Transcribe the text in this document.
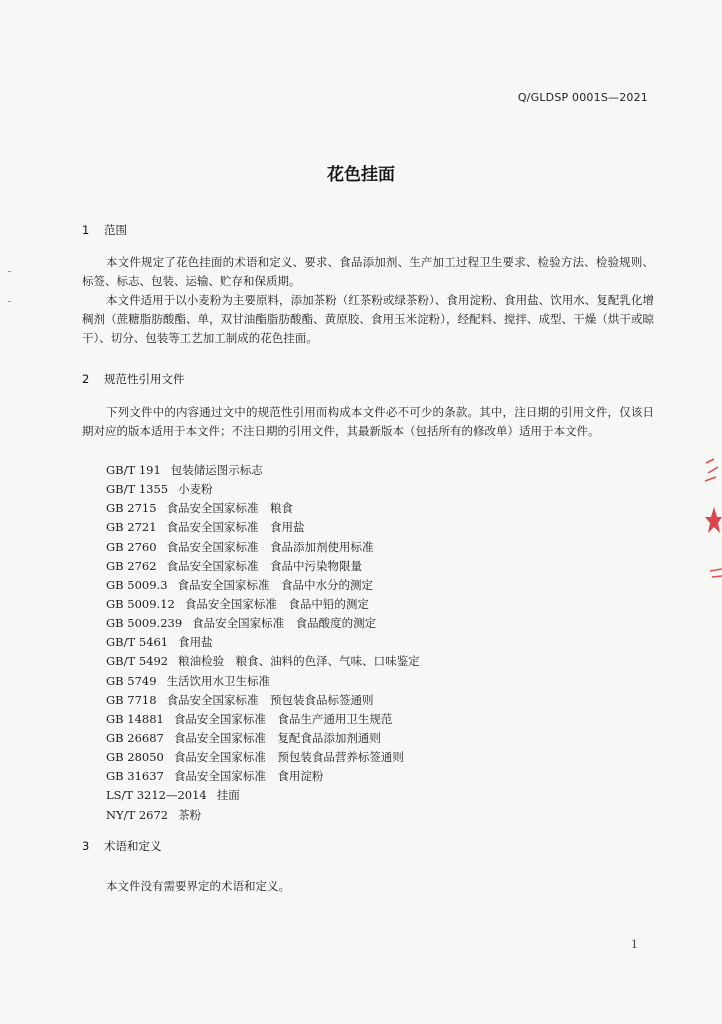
Q/GLDSP 0001S—2021
花色挂面
1 范围

本文件规定了花色挂面的术语和定义、要求、食品添加剂、生产加工过程卫生要求、检验方法、检验规则、标签、标志、包装、运输、贮存和保质期。

本文件适用于以小麦粉为主要原料，添加茶粉（红茶粉或绿茶粉）、食用淀粉、食用盐、饮用水、复配乳化增稠剂（蔗糖脂肪酸酯、单，双甘油酯脂肪酸酯、黄原胶、食用玉米淀粉），经配料、搅拌、成型、干燥（烘干或晾干）、切分、包装等工艺加工制成的花色挂面。

2 规范性引用文件

下列文件中的内容通过文中的规范性引用而构成本文件必不可少的条款。其中，注日期的引用文件，仅该日期对应的版本适用于本文件；不注日期的引用文件，其最新版本（包括所有的修改单）适用于本文件。

GB/T 191 包装储运图示标志
GB/T 1355 小麦粉
GB 2715 食品安全国家标准　粮食
GB 2721 食品安全国家标准　食用盐
GB 2760 食品安全国家标准　食品添加剂使用标准
GB 2762 食品安全国家标准　食品中污染物限量
GB 5009.3 食品安全国家标准　食品中水分的测定
GB 5009.12 食品安全国家标准　食品中铅的测定
GB 5009.239 食品安全国家标准　食品酸度的测定
GB/T 5461 食用盐
GB/T 5492 粮油检验　粮食、油料的色泽、气味、口味鉴定
GB 5749 生活饮用水卫生标准
GB 7718 食品安全国家标准　预包装食品标签通则
GB 14881 食品安全国家标准　食品生产通用卫生规范
GB 26687 食品安全国家标准　复配食品添加剂通则
GB 28050 食品安全国家标准　预包装食品营养标签通则
GB 31637 食品安全国家标准　食用淀粉
LS/T 3212—2014 挂面
NY/T 2672 茶粉
3 术语和定义

本文件没有需要界定的术语和定义。

1
